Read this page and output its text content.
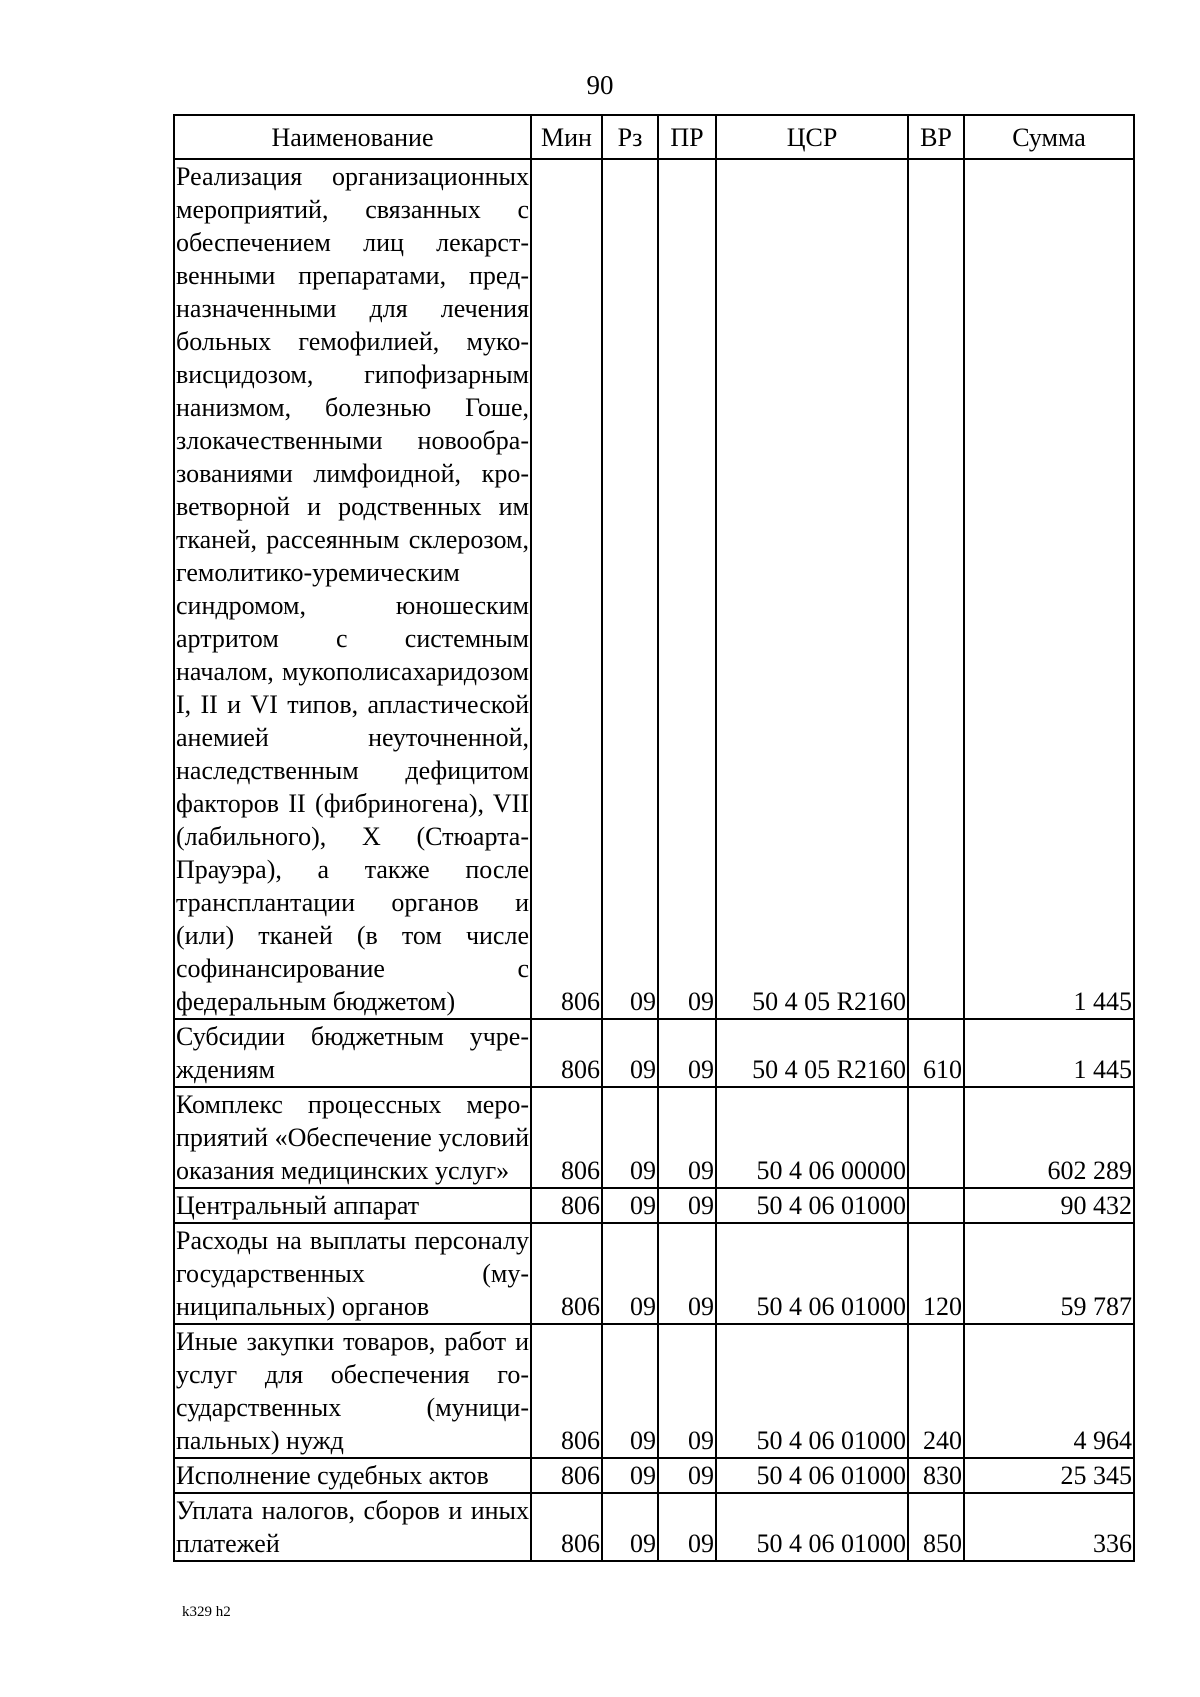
90
Наименование	Мин	Рз	ПР	ЦСР	ВР	Сумма
Реализация организационных мероприятий, связанных с обеспечением лиц лекарственными препаратами, предназначенными для лечения больных гемофилией, муковисцидозом, гипофизарным нанизмом, болезнью Гоше, злокачественными новообразованиями лимфоидной, кроветворной и родственных им тканей, рассеянным склерозом, гемолитико-уремическим синдромом, юношеским артритом с системным началом, мукополисахаридозом I, II и VI типов, апластической анемией неуточненной, наследственным дефицитом факторов II (фибриногена), VII (лабильного), X (Стюарта-Прауэра), а также после трансплантации органов и (или) тканей (в том числе софинансирование с федеральным бюджетом)	806	09	09	50 4 05 R2160		1 445
Субсидии бюджетным учреждениям	806	09	09	50 4 05 R2160	610	1 445
Комплекс процессных мероприятий «Обеспечение условий оказания медицинских услуг»	806	09	09	50 4 06 00000		602 289
Центральный аппарат	806	09	09	50 4 06 01000		90 432
Расходы на выплаты персоналу государственных (муниципальных) органов	806	09	09	50 4 06 01000	120	59 787
Иные закупки товаров, работ и услуг для обеспечения государственных (муниципальных) нужд	806	09	09	50 4 06 01000	240	4 964
Исполнение судебных актов	806	09	09	50 4 06 01000	830	25 345
Уплата налогов, сборов и иных платежей	806	09	09	50 4 06 01000	850	336
k329 h2
